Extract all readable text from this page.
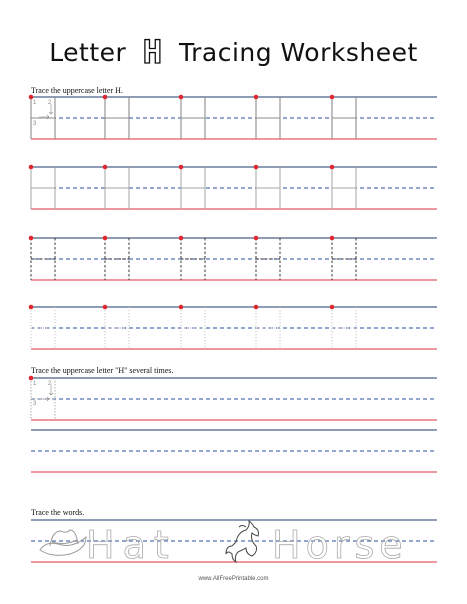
Letter H Tracing Worksheet
Trace the uppercase letter H.
Trace the uppercase letter "H" several times.
Trace the words.
1 2
3
1 2
3
Hat	Horse
www.AllFreePrintable.com
